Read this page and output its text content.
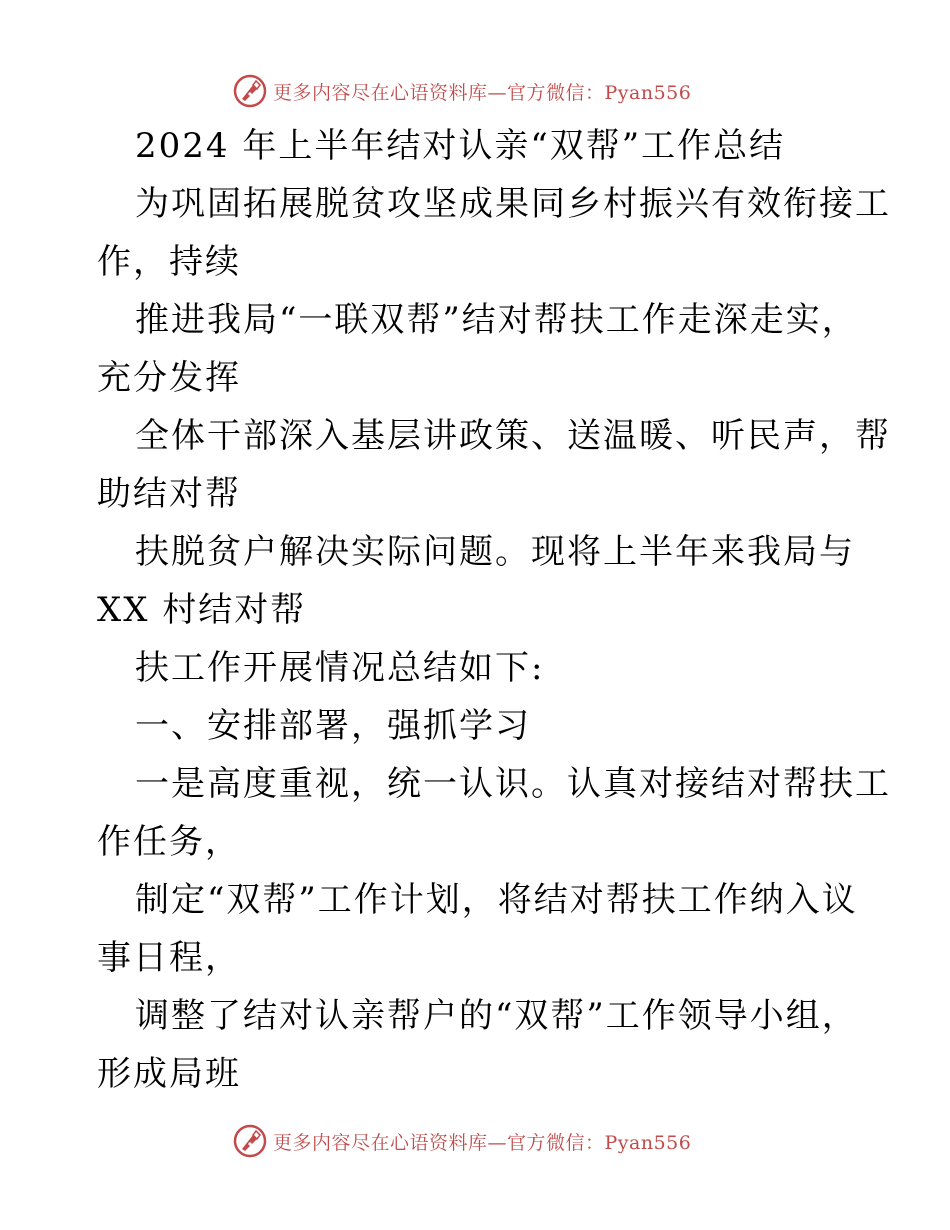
更多内容尽在心语资料库—官方微信：Pyan556
2024 年上半年结对认亲“双帮”工作总结
为巩固拓展脱贫攻坚成果同乡村振兴有效衔接工
作，持续
推进我局“一联双帮”结对帮扶工作走深走实，
充分发挥
全体干部深入基层讲政策、送温暖、听民声，帮
助结对帮
扶脱贫户解决实际问题。现将上半年来我局与
XX 村结对帮
扶工作开展情况总结如下:
一、安排部署，强抓学习
一是高度重视，统一认识。认真对接结对帮扶工
作任务，
制定“双帮”工作计划，将结对帮扶工作纳入议
事日程，
调整了结对认亲帮户的“双帮”工作领导小组，
形成局班
更多内容尽在心语资料库—官方微信：Pyan556
